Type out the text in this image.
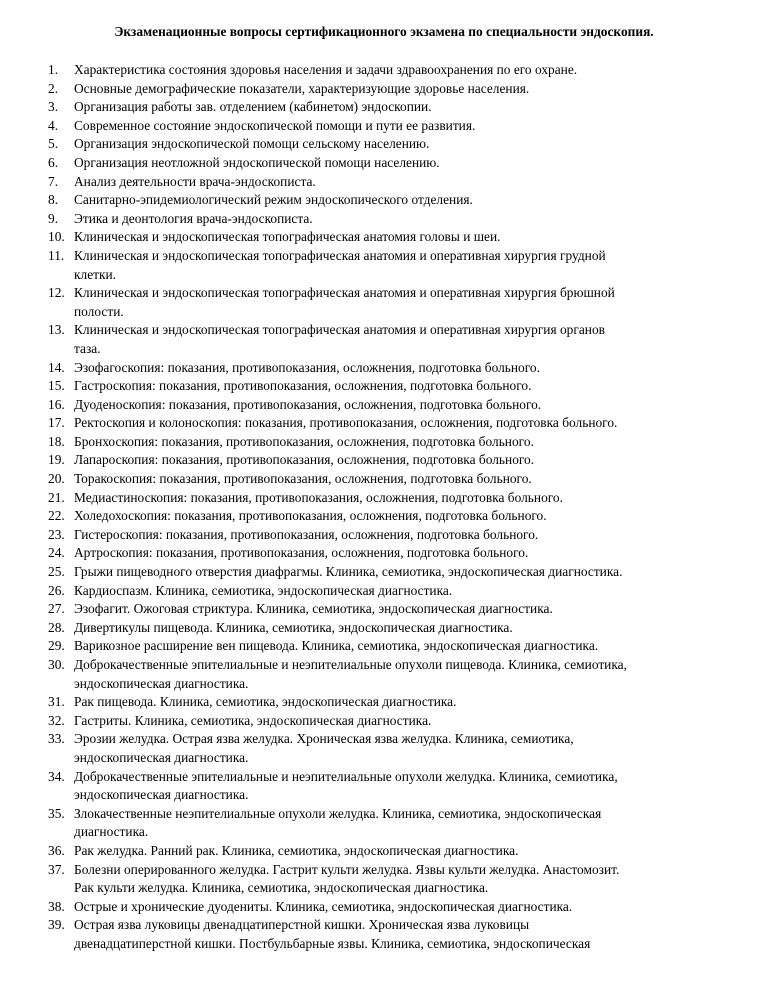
Экзаменационные вопросы сертификационного экзамена по специальности эндоскопия.
1. Характеристика состояния здоровья населения и задачи здравоохранения по его охране.
2. Основные демографические показатели, характеризующие здоровье населения.
3. Организация работы зав. отделением (кабинетом) эндоскопии.
4. Современное состояние эндоскопической помощи и пути ее развития.
5. Организация эндоскопической помощи сельскому населению.
6. Организация неотложной эндоскопической помощи населению.
7. Анализ деятельности врача-эндоскописта.
8. Санитарно-эпидемиологический режим эндоскопического отделения.
9. Этика и деонтология врача-эндоскописта.
10. Клиническая и эндоскопическая топографическая анатомия головы и шеи.
11. Клиническая и эндоскопическая топографическая анатомия и оперативная хирургия грудной
клетки.
12. Клиническая и эндоскопическая топографическая анатомия и оперативная хирургия брюшной
полости.
13. Клиническая и эндоскопическая топографическая анатомия и оперативная хирургия органов
таза.
14. Эзофагоскопия: показания, противопоказания, осложнения, подготовка больного.
15. Гастроскопия: показания, противопоказания, осложнения, подготовка больного.
16. Дуоденоскопия: показания, противопоказания, осложнения, подготовка больного.
17. Ректоскопия и колоноскопия: показания, противопоказания, осложнения, подготовка больного.
18. Бронхоскопия: показания, противопоказания, осложнения, подготовка больного.
19. Лапароскопия: показания, противопоказания, осложнения, подготовка больного.
20. Торакоскопия: показания, противопоказания, осложнения, подготовка больного.
21. Медиастиноскопия: показания, противопоказания, осложнения, подготовка больного.
22. Холедохоскопия: показания, противопоказания, осложнения, подготовка больного.
23. Гистероскопия: показания, противопоказания, осложнения, подготовка больного.
24. Артроскопия: показания, противопоказания, осложнения, подготовка больного.
25. Грыжи пищеводного отверстия диафрагмы. Клиника, семиотика, эндоскопическая диагностика.
26. Кардиоспазм. Клиника, семиотика, эндоскопическая диагностика.
27. Эзофагит. Ожоговая стриктура. Клиника, семиотика, эндоскопическая диагностика.
28. Дивертикулы пищевода. Клиника, семиотика, эндоскопическая диагностика.
29. Варикозное расширение вен пищевода. Клиника, семиотика, эндоскопическая диагностика.
30. Доброкачественные эпителиальные и неэпителиальные опухоли пищевода. Клиника, семиотика,
эндоскопическая диагностика.
31. Рак пищевода. Клиника, семиотика, эндоскопическая диагностика.
32. Гастриты. Клиника, семиотика, эндоскопическая диагностика.
33. Эрозии желудка. Острая язва желудка. Хроническая язва желудка. Клиника, семиотика,
эндоскопическая диагностика.
34. Доброкачественные эпителиальные и неэпителиальные опухоли желудка. Клиника, семиотика,
эндоскопическая диагностика.
35. Злокачественные неэпителиальные опухоли желудка. Клиника, семиотика, эндоскопическая
диагностика.
36. Рак желудка. Ранний рак. Клиника, семиотика, эндоскопическая диагностика.
37. Болезни оперированного желудка. Гастрит культи желудка. Язвы культи желудка. Анастомозит.
Рак культи желудка. Клиника, семиотика, эндоскопическая диагностика.
38. Острые и хронические дуодениты. Клиника, семиотика, эндоскопическая диагностика.
39. Острая язва луковицы двенадцатиперстной кишки. Хроническая язва луковицы
двенадцатиперстной кишки. Постбульбарные язвы. Клиника, семиотика, эндоскопическая
